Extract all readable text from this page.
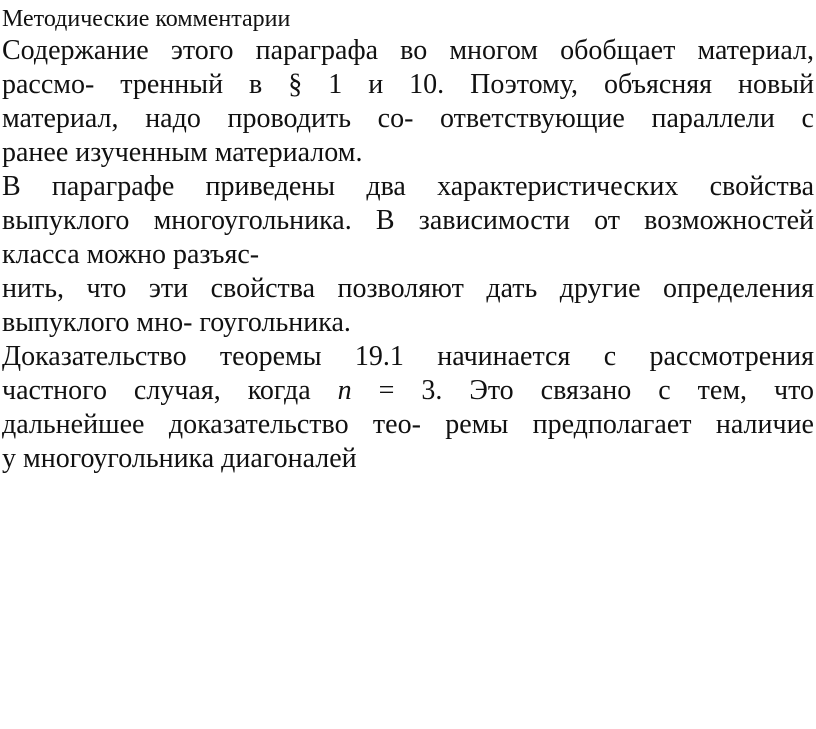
Методические комментарии

Содержание этого параграфа во многом обобщает материал,
рассмо- тренный в § 1 и 10. Поэтому, объясняя новый
материал, надо проводить со- ответствующие параллели с
ранее изученным материалом.

В параграфе приведены два характеристических свойства
выпуклого многоугольника. В зависимости от возможностей
класса можно разъяс-
нить, что эти свойства позволяют дать другие определения
выпуклого мно- гоугольника.

Доказательство теоремы 19.1 начинается с рассмотрения
частного случая, когда n = 3. Это связано с тем, что
дальнейшее доказательство тео- ремы предполагает наличие
у многоугольника диагоналей
